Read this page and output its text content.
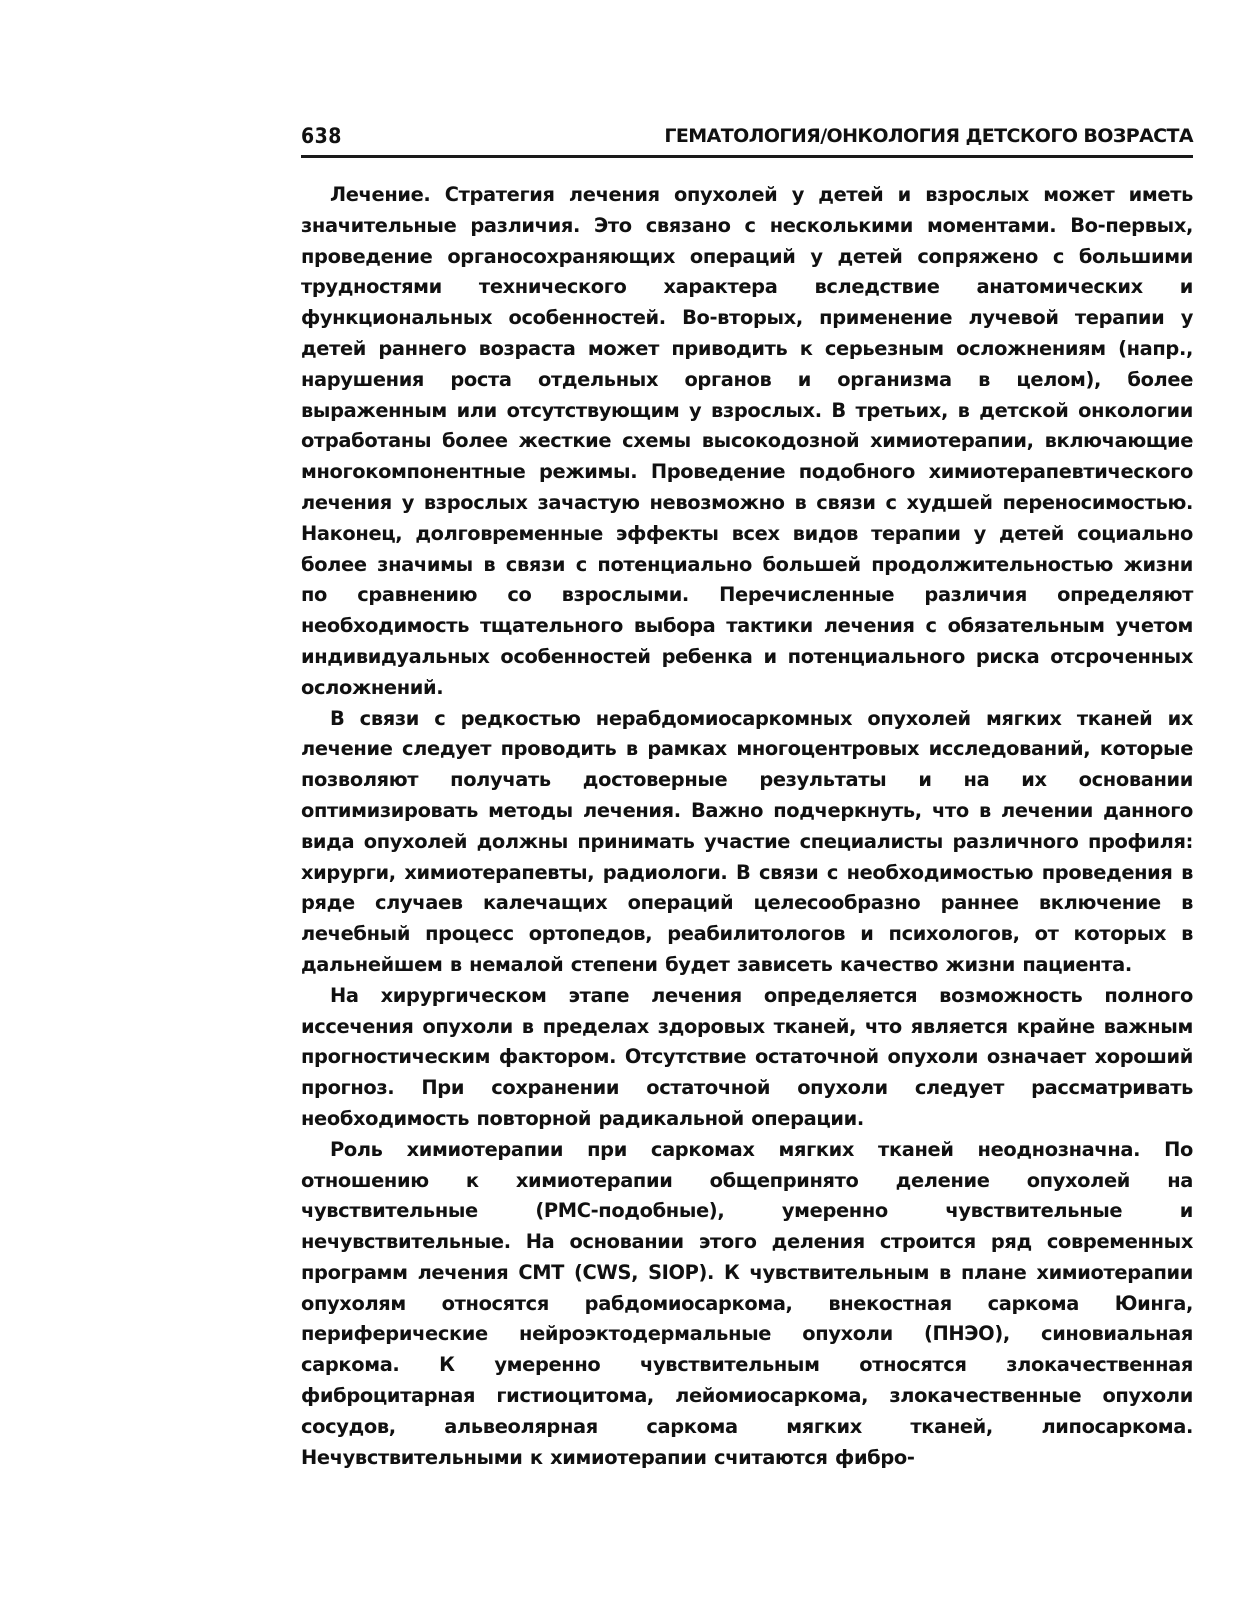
638	ГЕМАТОЛОГИЯ/ОНКОЛОГИЯ ДЕТСКОГО ВОЗРАСТА

Лечение. Стратегия лечения опухолей у детей и взрослых может иметь значительные различия. Это связано с несколькими моментами. Во-первых, проведение органосохраняющих операций у детей сопряжено с большими трудностями технического характера вследствие анатомических и функциональных особенностей. Во-вторых, применение лучевой терапии у детей раннего возраста может приводить к серьезным осложнениям (напр., нарушения роста отдельных органов и организма в целом), более выраженным или отсутствующим у взрослых. В третьих, в детской онкологии отработаны более жесткие схемы высокодозной химиотерапии, включающие многокомпонентные режимы. Проведение подобного химиотерапевтического лечения у взрослых зачастую невозможно в связи с худшей переносимостью. Наконец, долговременные эффекты всех видов терапии у детей социально более значимы в связи с потенциально большей продолжительностью жизни по сравнению со взрослыми. Перечисленные различия определяют необходимость тщательного выбора тактики лечения с обязательным учетом индивидуальных особенностей ребенка и потенциального риска отсроченных осложнений.

В связи с редкостью нерабдомиосаркомных опухолей мягких тканей их лечение следует проводить в рамках многоцентровых исследований, которые позволяют получать достоверные результаты и на их основании оптимизировать методы лечения. Важно подчеркнуть, что в лечении данного вида опухолей должны принимать участие специалисты различного профиля: хирурги, химиотерапевты, радиологи. В связи с необходимостью проведения в ряде случаев калечащих операций целесообразно раннее включение в лечебный процесс ортопедов, реабилитологов и психологов, от которых в дальнейшем в немалой степени будет зависеть качество жизни пациента.

На хирургическом этапе лечения определяется возможность полного иссечения опухоли в пределах здоровых тканей, что является крайне важным прогностическим фактором. Отсутствие остаточной опухоли означает хороший прогноз. При сохранении остаточной опухоли следует рассматривать необходимость повторной радикальной операции.

Роль химиотерапии при саркомах мягких тканей неоднозначна. По отношению к химиотерапии общепринято деление опухолей на чувствительные (РМС-подобные), умеренно чувствительные и нечувствительные. На основании этого деления строится ряд современных программ лечения СМТ (CWS, SIOP). К чувствительным в плане химиотерапии опухолям относятся рабдомиосаркома, внекостная саркома Юинга, периферические нейроэктодермальные опухоли (ПНЭО), синовиальная саркома. К умеренно чувствительным относятся злокачественная фиброцитарная гистиоцитома, лейомиосаркома, злокачественные опухоли сосудов, альвеолярная саркома мягких тканей, липосаркома. Нечувствительными к химиотерапии считаются фибро-
